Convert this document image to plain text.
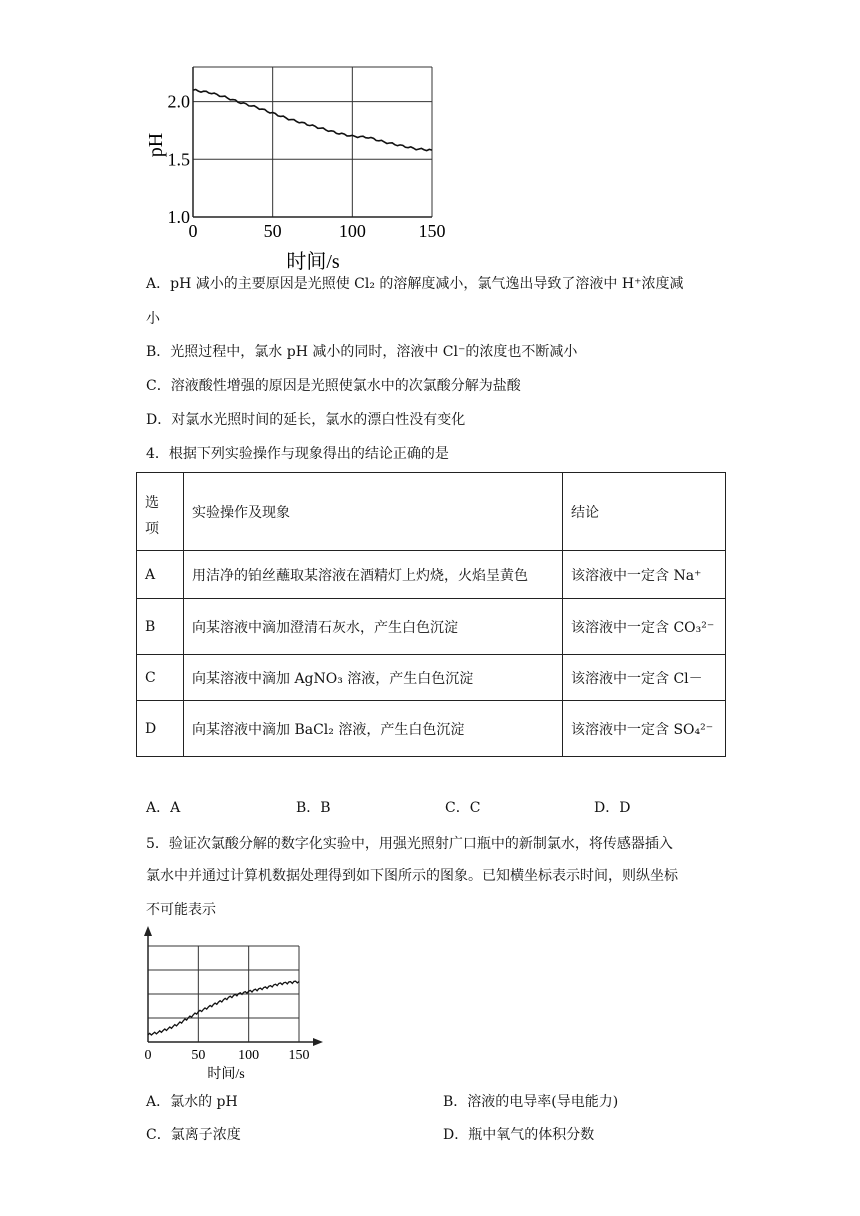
0	50	100	150
1.0
1.5
2.0
pH
时间/s
A．pH 减小的主要原因是光照使 Cl₂ 的溶解度减小，氯气逸出导致了溶液中 H⁺浓度减
小
B．光照过程中，氯水 pH 减小的同时，溶液中 Cl⁻的浓度也不断减小
C．溶液酸性增强的原因是光照使氯水中的次氯酸分解为盐酸
D．对氯水光照时间的延长，氯水的漂白性没有变化
4．根据下列实验操作与现象得出的结论正确的是
选
项	实验操作及现象	结论
A	用洁净的铂丝蘸取某溶液在酒精灯上灼烧，火焰呈黄色	该溶液中一定含 Na⁺
B	向某溶液中滴加澄清石灰水，产生白色沉淀	该溶液中一定含 CO₃²⁻
C	向某溶液中滴加 AgNO₃ 溶液，产生白色沉淀	该溶液中一定含 Cl－
D	向某溶液中滴加 BaCl₂ 溶液，产生白色沉淀	该溶液中一定含 SO₄²⁻
A．A	B．B	C．C	D．D
5．验证次氯酸分解的数字化实验中，用强光照射广口瓶中的新制氯水，将传感器插入
氯水中并通过计算机数据处理得到如下图所示的图象。已知横坐标表示时间，则纵坐标
不可能表示
0	50 100 150
时间/s
A．氯水的 pH	B．溶液的电导率(导电能力)
C．氯离子浓度	D．瓶中氧气的体积分数
